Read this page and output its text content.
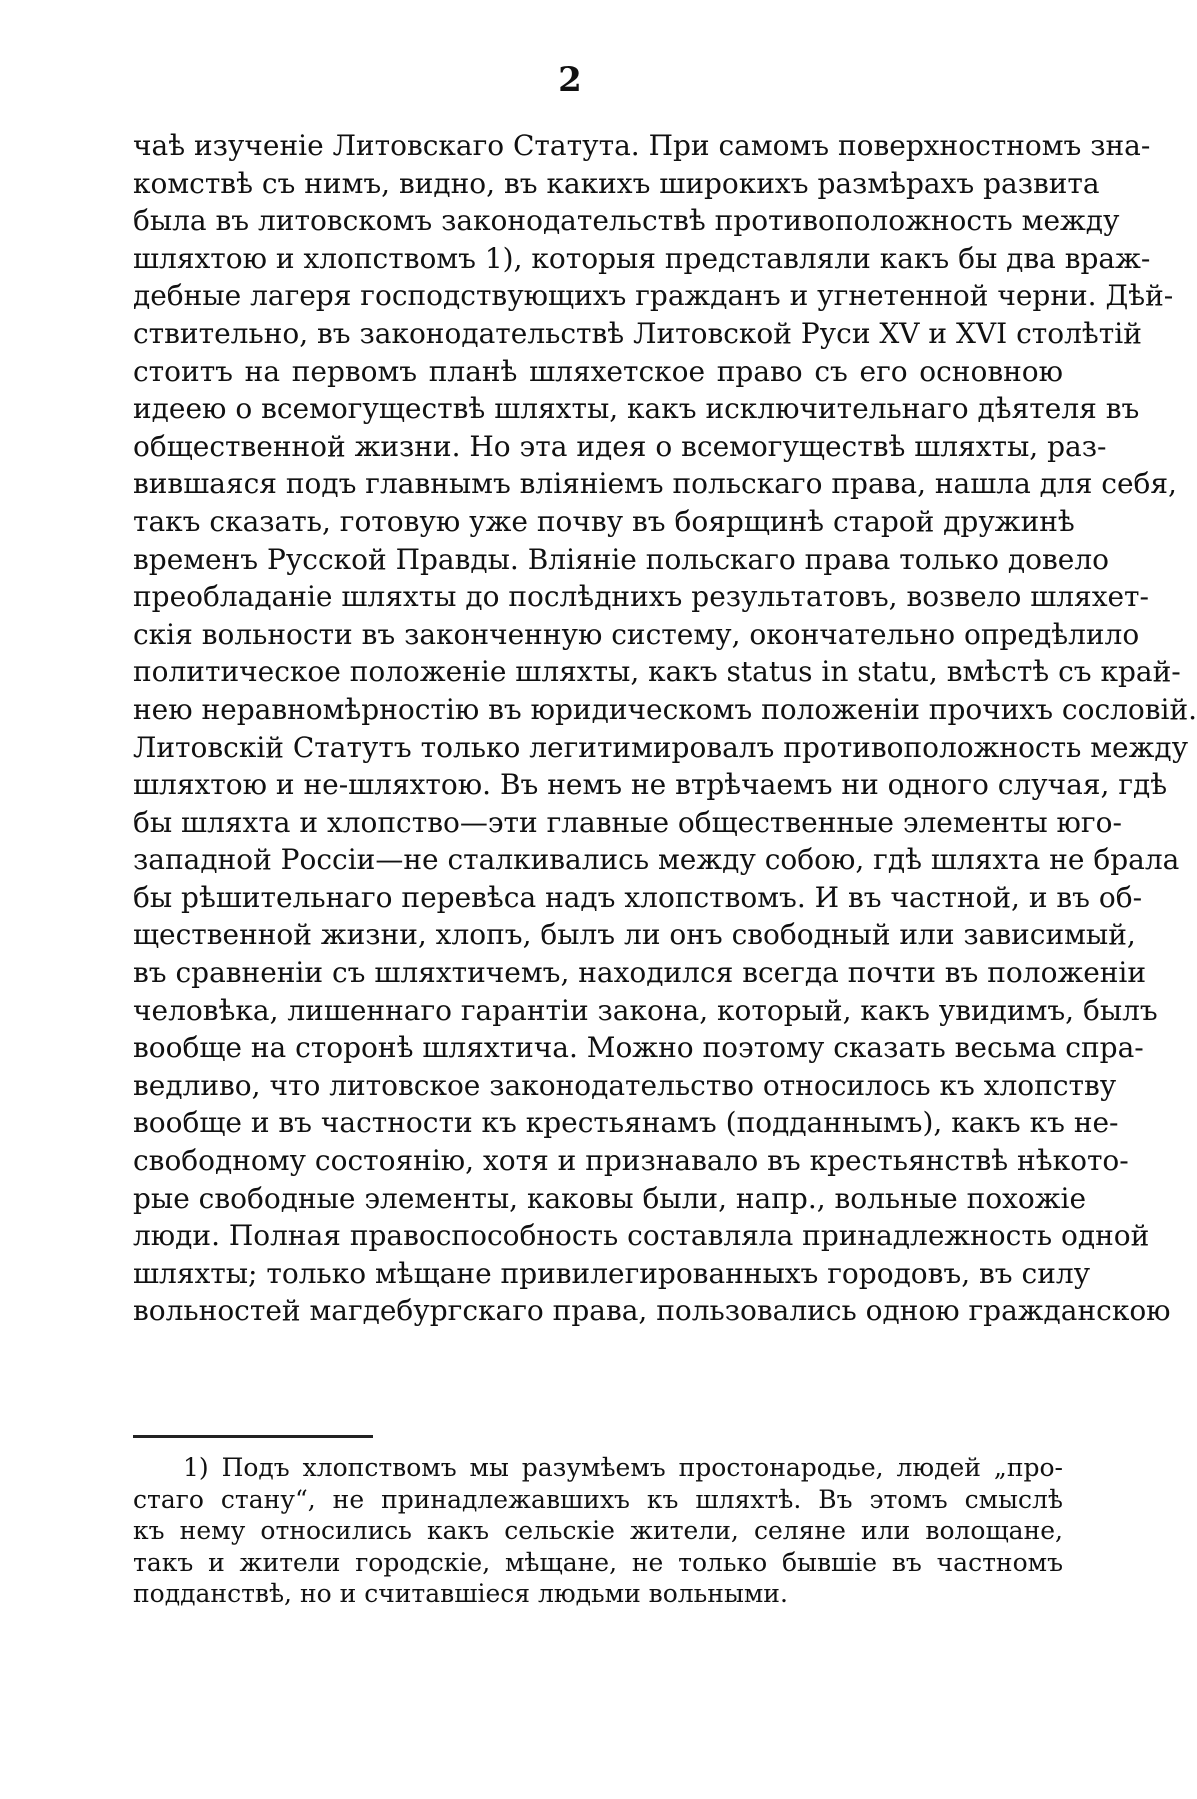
2
чаѣ изученіе Литовскаго Статута. При самомъ поверхностномъ зна-
комствѣ съ нимъ, видно, въ какихъ широкихъ размѣрахъ развита
была въ литовскомъ законодательствѣ противоположность между
шляхтою и хлопствомъ 1), которыя представляли какъ бы два враж-
дебные лагеря господствующихъ гражданъ и угнетенной черни. Дѣй-
ствительно, въ законодательствѣ Литовской Руси XV и XVI столѣтій
стоитъ на первомъ планѣ шляхетское право съ его основною
идеею о всемогуществѣ шляхты, какъ исключительнаго дѣятеля въ
общественной жизни. Но эта идея о всемогуществѣ шляхты, раз-
вившаяся подъ главнымъ вліяніемъ польскаго права, нашла для себя,
такъ сказать, готовую уже почву въ боярщинѣ старой дружинѣ
временъ Русской Правды. Вліяніе польскаго права только довело
преобладаніе шляхты до послѣднихъ результатовъ, возвело шляхет-
скія вольности въ законченную систему, окончательно опредѣлило
политическое положеніе шляхты, какъ status in statu, вмѣстѣ съ край-
нею неравномѣрностію въ юридическомъ положеніи прочихъ сословій.
Литовскій Статутъ только легитимировалъ противоположность между
шляхтою и не-шляхтою. Въ немъ не втрѣчаемъ ни одного случая, гдѣ
бы шляхта и хлопство—эти главные общественные элементы юго-
западной Россіи—не сталкивались между собою, гдѣ шляхта не брала
бы рѣшительнаго перевѣса надъ хлопствомъ. И въ частной, и въ об-
щественной жизни, хлопъ, былъ ли онъ свободный или зависимый,
въ сравненіи съ шляхтичемъ, находился всегда почти въ положеніи
человѣка, лишеннаго гарантіи закона, который, какъ увидимъ, былъ
вообще на сторонѣ шляхтича. Можно поэтому сказать весьма спра-
ведливо, что литовское законодательство относилось къ хлопству
вообще и въ частности къ крестьянамъ (подданнымъ), какъ къ не-
свободному состоянію, хотя и признавало въ крестьянствѣ нѣкото-
рые свободные элементы, каковы были, напр., вольные похожіе
люди. Полная правоспособность составляла принадлежность одной
шляхты; только мѣщане привилегированныхъ городовъ, въ силу
вольностей магдебургскаго права, пользовались одною гражданскою
1) Подъ хлопствомъ мы разумѣемъ простонародье, людей „про-
стаго стану“, не принадлежавшихъ къ шляхтѣ. Въ этомъ смыслѣ
къ нему относились какъ сельскіе жители, селяне или волощане,
такъ и жители городскіе, мѣщане, не только бывшіе въ частномъ
подданствѣ, но и считавшіеся людьми вольными.
